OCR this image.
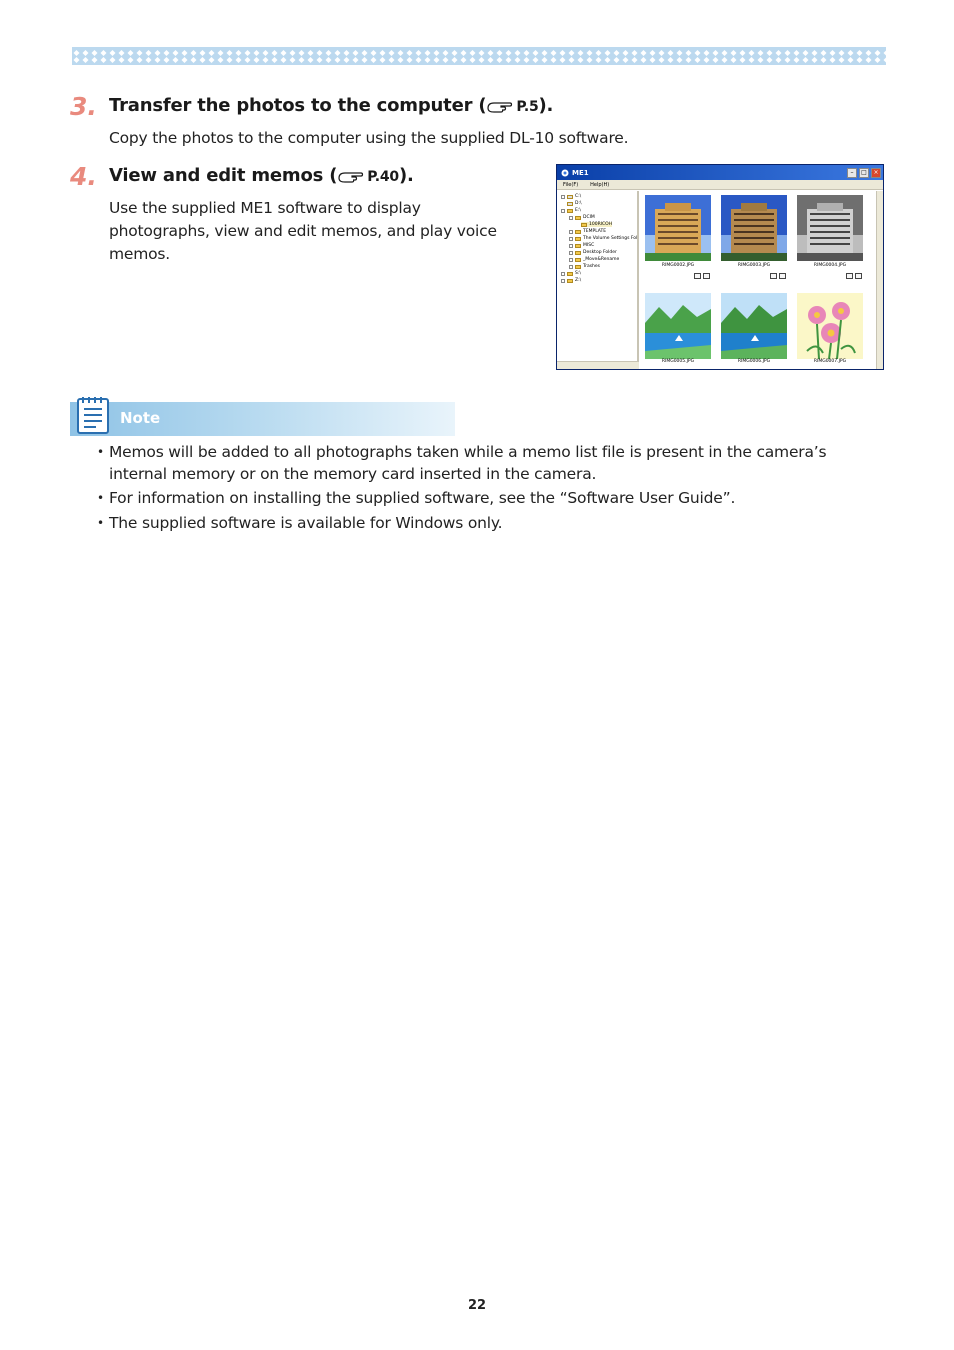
3. Transfer the photos to the computer ( P.5).
Copy the photos to the computer using the supplied DL-10 software.
4. View and edit memos ( P.40).
Use the supplied ME1 software to display
photographs, view and edit memos, and play voice
memos.
ME1	–	□	×
File(F) Help(H)
C:\
D:\
E:\
DCIM
100RICOH
TEMPLATE
The Volume Settings Fol
MISC
Desktop Folder
_Move&Rename
Trashes
S:\
Z:\
RIMG0002.JPG	RIMG0003.JPG	RIMG0004.JPG
RIMG0005.JPG	RIMG0006.JPG	RIMG0007.JPG
Note
• Memos will be added to all photographs taken while a memo list file is present in the camera’s internal memory or on the memory card inserted in the camera.
• For information on installing the supplied software, see the “Software User Guide”.
• The supplied software is available for Windows only.
22
